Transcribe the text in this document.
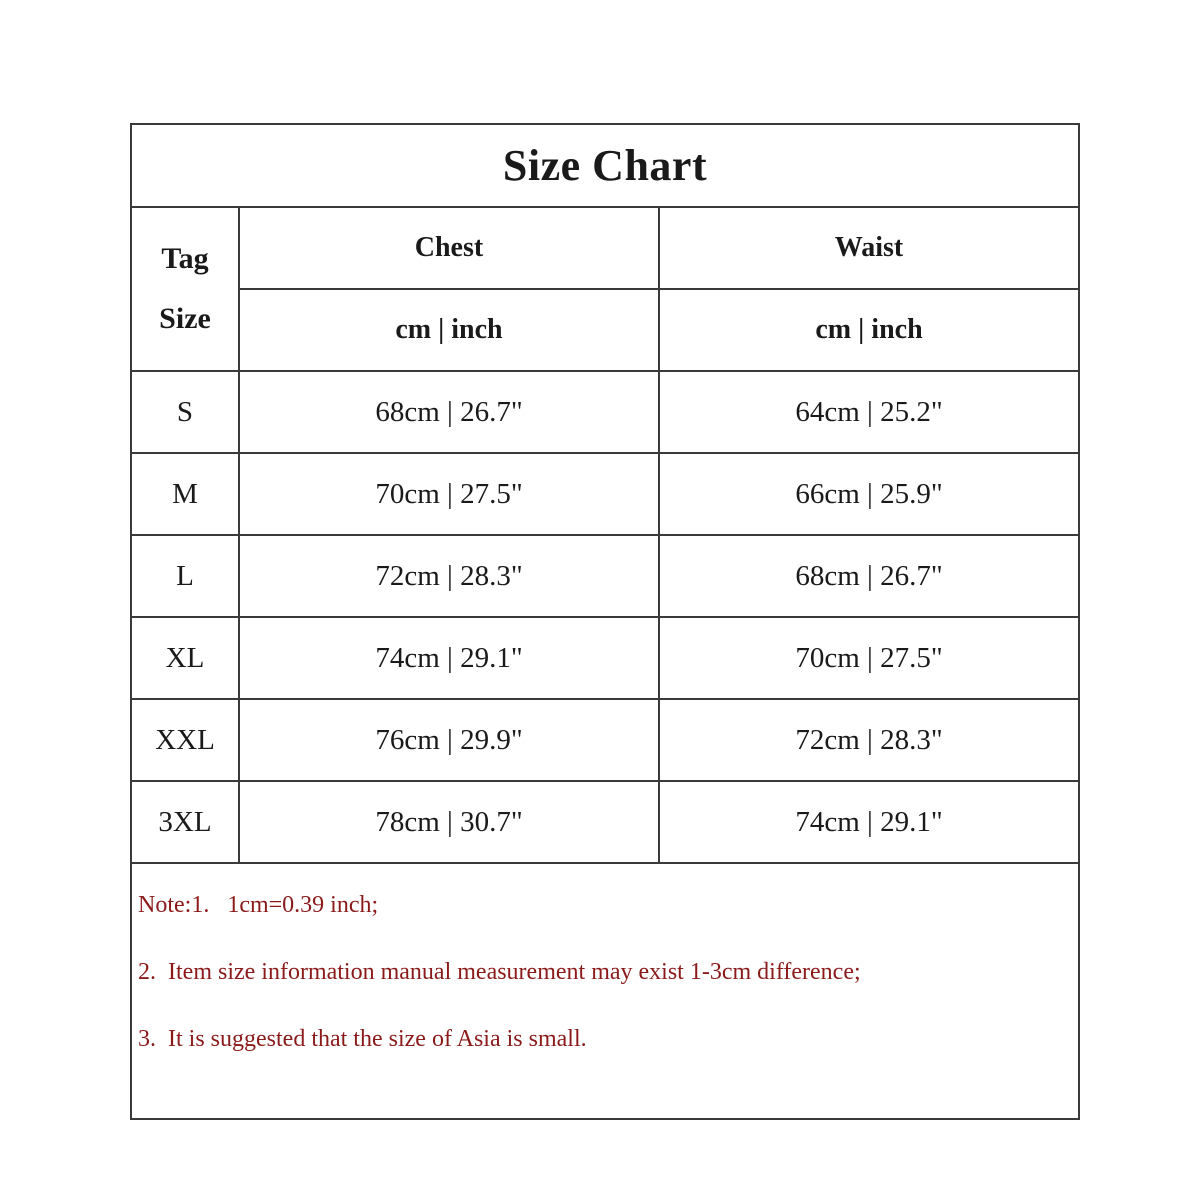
Size Chart		
Tag
Size	Chest	Waist
	cm | inch	cm | inch
S	68cm | 26.7"	64cm | 25.2"
M	70cm | 27.5"	66cm | 25.9"
L	72cm | 28.3"	68cm | 26.7"
XL	74cm | 29.1"	70cm | 27.5"
XXL	76cm | 29.9"	72cm | 28.3"
3XL	78cm | 30.7"	74cm | 29.1"

Note:1.   1cm=0.39 inch;
2.  Item size information manual measurement may exist 1-3cm difference;
3.  It is suggested that the size of Asia is small.		
